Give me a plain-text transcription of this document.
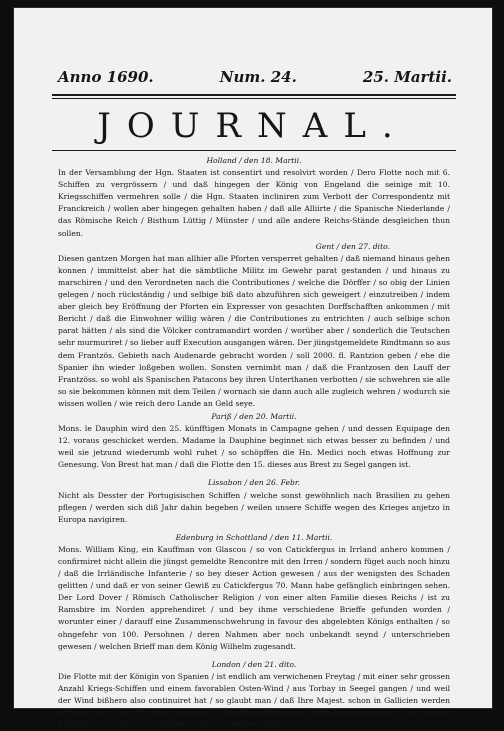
Anno 1690.	Num. 24.	25. Martii.
JOURNAL.
Holland / den 18. Martii.

In der Versamblung der Hgn. Staaten ist consentirt und resolvirt worden / Dero Flotte noch mit 6. Schiffen zu vergrössern / und daß hingegen der König von Engeland die seinige mit 10. Kriegsschiffen vermehren solle / die Hgn. Staaten incliniren zum Verbott der Correspondentz mit Franckreich / wollen aber hingegen gehalten haben / daß alle Alliirte / die Spanische Niederlande / das Römische Reich / Bisthum Lüttig / Münster / und alle andere Reichs-Stände desgleichen thun sollen.

Gent / den 27. dito.

Diesen gantzen Morgen hat man allhier alle Pforten versperret gehalten / daß niemand hinaus gehen konnen / immittelst aber hat die sämbtliche Militz im Gewehr parat gestanden / und hinaus zu marschiren / und den Verordneten nach die Contributiones / welche die Dörffer / so obig der Linien gelegen / noch rückständig / und selbige biß dato abzuführen sich geweigert / einzutreiben / indem aber gleich bey Eröffnung der Pforten ein Expresser von gesachten Dorffschafften ankommen / mit Bericht / daß die Einwohner willig wären / die Contributiones zu entrichten / auch selbige schon parat hätten / als sind die Völcker contramandirt worden / worüber aber / sonderlich die Teutschen sehr murmuriret / so lieber auff Execution ausgangen wären. Der jüngstgemeldete Rindtmann so aus dem Frantzös. Gebieth nach Audenarde gebracht worden / soll 2000. fl. Rantzion geben / ehe die Spanier ihn wieder loßgeben wollen. Sonsten vernimbt man / daß die Frantzosen den Lauff der Frantzöss. so wohl als Spanischen Patacons bey ihren Unterthanen verbotten / sie schwehren sie alle so sie bekommen können mit dem Teilen / wornach sie dann auch alle zugleich wehren / wodurch sie wissen wollen / wie reich dero Lande an Geld seye.

Pariß / den 20. Martii.

Mons. le Dauphin wird den 25. künfftigen Monats in Campagne gehen / und dessen Equipage den 12. voraus geschicket werden. Madame la Dauphine beginnet sich etwas besser zu befinden / und weil sie jetzund wiederumb wohl ruhet / so schöpffen die Hn. Medici noch etwas Hoffnung zur Genesung. Von Brest hat man / daß die Flotte den 15. dieses aus Brest zu Segel gangen ist.

Lissabon / den 26. Febr.

Nicht als Desster der Portugisischen Schiffen / welche sonst gewöhnlich nach Brasilien zu gehen pflegen / werden sich diß Jahr dahin begeben / weilen unsere Schiffe wegen des Krieges anjetzo in Europa navigiren.

Edenburg in Schottland / den 11. Martii.

Mons. William King, ein Kauffman von Glascou / so von Catickfergus in Irrland anhero kommen / confirmiret nicht allein die jüngst gemeldte Rencontre mit den Irren / sondern füget auch noch hinzu / daß die Irrländische Infanterie / so bey dieser Action gewesen / aus der wenigsten des Schaden gelitten / und daß er von seiner Gewiß zu Catickfergus 70. Mann habe gefänglich einbringen sehen. Der Lord Dover / Römisch Catholischer Religion / von einer alten Familie dieses Reichs / ist zu Ramsbire im Norden apprehendiret / und bey ihme verschiedene Brieffe gefunden worden / worunter einer / darauff eine Zusammenschwehrung in favour des abgelebten Königs enthalten / so ohngefehr von 100. Persohnen / deren Nahmen aber noch unbekandt seynd / unterschrieben gewesen / welchen Brieff man dem König Wilhelm zugesandt.

London / den 21. dito.

Die Flotte mit der Königin von Spanien / ist endlich am verwichenen Freytag / mit einer sehr grossen Anzahl Kriegs-Schiffen und einem favorablen Osten-Wind / aus Torbay in Seegel gangen / und weil der Wind bißhero also continuiret hat / so glaubt man / daß Ihre Majest. schon in Gallicien werden arriviret seyn. Den 17. dieses wurden 2. Battallions Dähnen in Highlake embarquiret / Eine andere Battallion marschirte zu solchem Ende von Chester dahin / und
